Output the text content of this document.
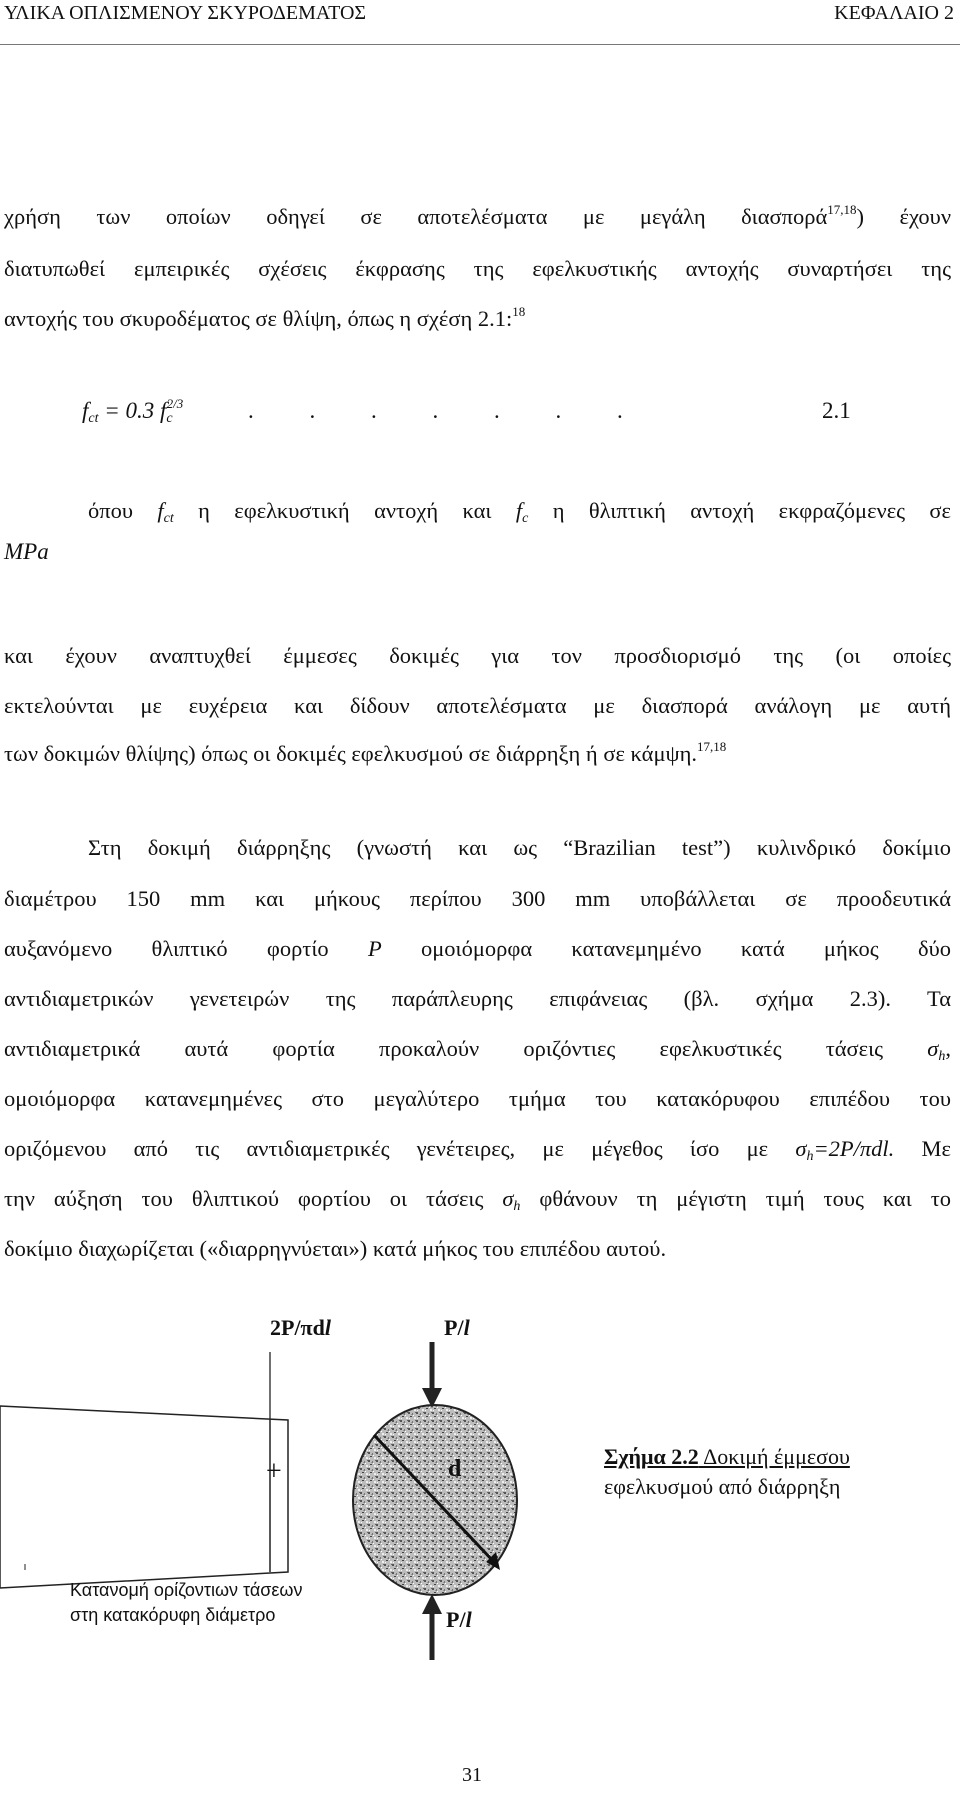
ΥΛΙΚΑ ΟΠΛΙΣΜΕΝΟΥ ΣΚΥΡΟΔΕΜΑΤΟΣ	ΚΕΦΑΛΑΙΟ 2
χρήση των οποίων οδηγεί σε αποτελέσματα με μεγάλη διασπορά$^{17,18}$) έχουν
διατυπωθεί εμπειρικές σχέσεις έκφρασης της εφελκυστικής αντοχής συναρτήσει της
αντοχής του σκυροδέματος σε θλίψη, όπως η σχέση 2.1:$^{18}$
$f_{ct} = 0.3$ $f_c^{2/3}$	. . . . . . .	2.1
όπου $f_{ct}$ η εφελκυστική αντοχή και $f_c$ η θλιπτική αντοχή εκφραζόμενες σε
MPa
και έχουν αναπτυχθεί έμμεσες δοκιμές για τον προσδιορισμό της (οι οποίες
εκτελούνται με ευχέρεια και δίδουν αποτελέσματα με διασπορά ανάλογη με αυτή
των δοκιμών θλίψης) όπως οι δοκιμές εφελκυσμού σε διάρρηξη ή σε κάμψη.$^{17,18}$
Στη δοκιμή διάρρηξης (γνωστή και ως “Brazilian test”) κυλινδρικό δοκίμιο
διαμέτρου 150 mm και μήκους περίπου 300 mm υποβάλλεται σε προοδευτικά
αυξανόμενο θλιπτικό φορτίο P ομοιόμορφα κατανεμημένο κατά μήκος δύο
αντιδιαμετρικών γενετειρών της παράπλευρης επιφάνειας (βλ. σχήμα 2.3). Τα
αντιδιαμετρικά αυτά φορτία προκαλούν οριζόντιες εφελκυστικές τάσεις $\sigma_h$,
ομοιόμορφα κατανεμημένες στο μεγαλύτερο τμήμα του κατακόρυφου επιπέδου του
οριζόμενου από τις αντιδιαμετρικές γενέτειρες, με μέγεθος ίσο με $\sigma_h=2P$/πdl. Με
την αύξηση του θλιπτικού φορτίου οι τάσεις $\sigma_h$ φθάνουν τη μέγιστη τιμή τους και το
δοκίμιο διαχωρίζεται («διαρρηγνύεται») κατά μήκος του επιπέδου αυτού.
2P/πdl	P/l
P/l
+	d
Κατανομή ορίζοντιων τάσεων
στη κατακόρυφη διάμετρο
Σχήμα 2.2 Δοκιμή έμμεσου
εφελκυσμού από διάρρηξη
31
